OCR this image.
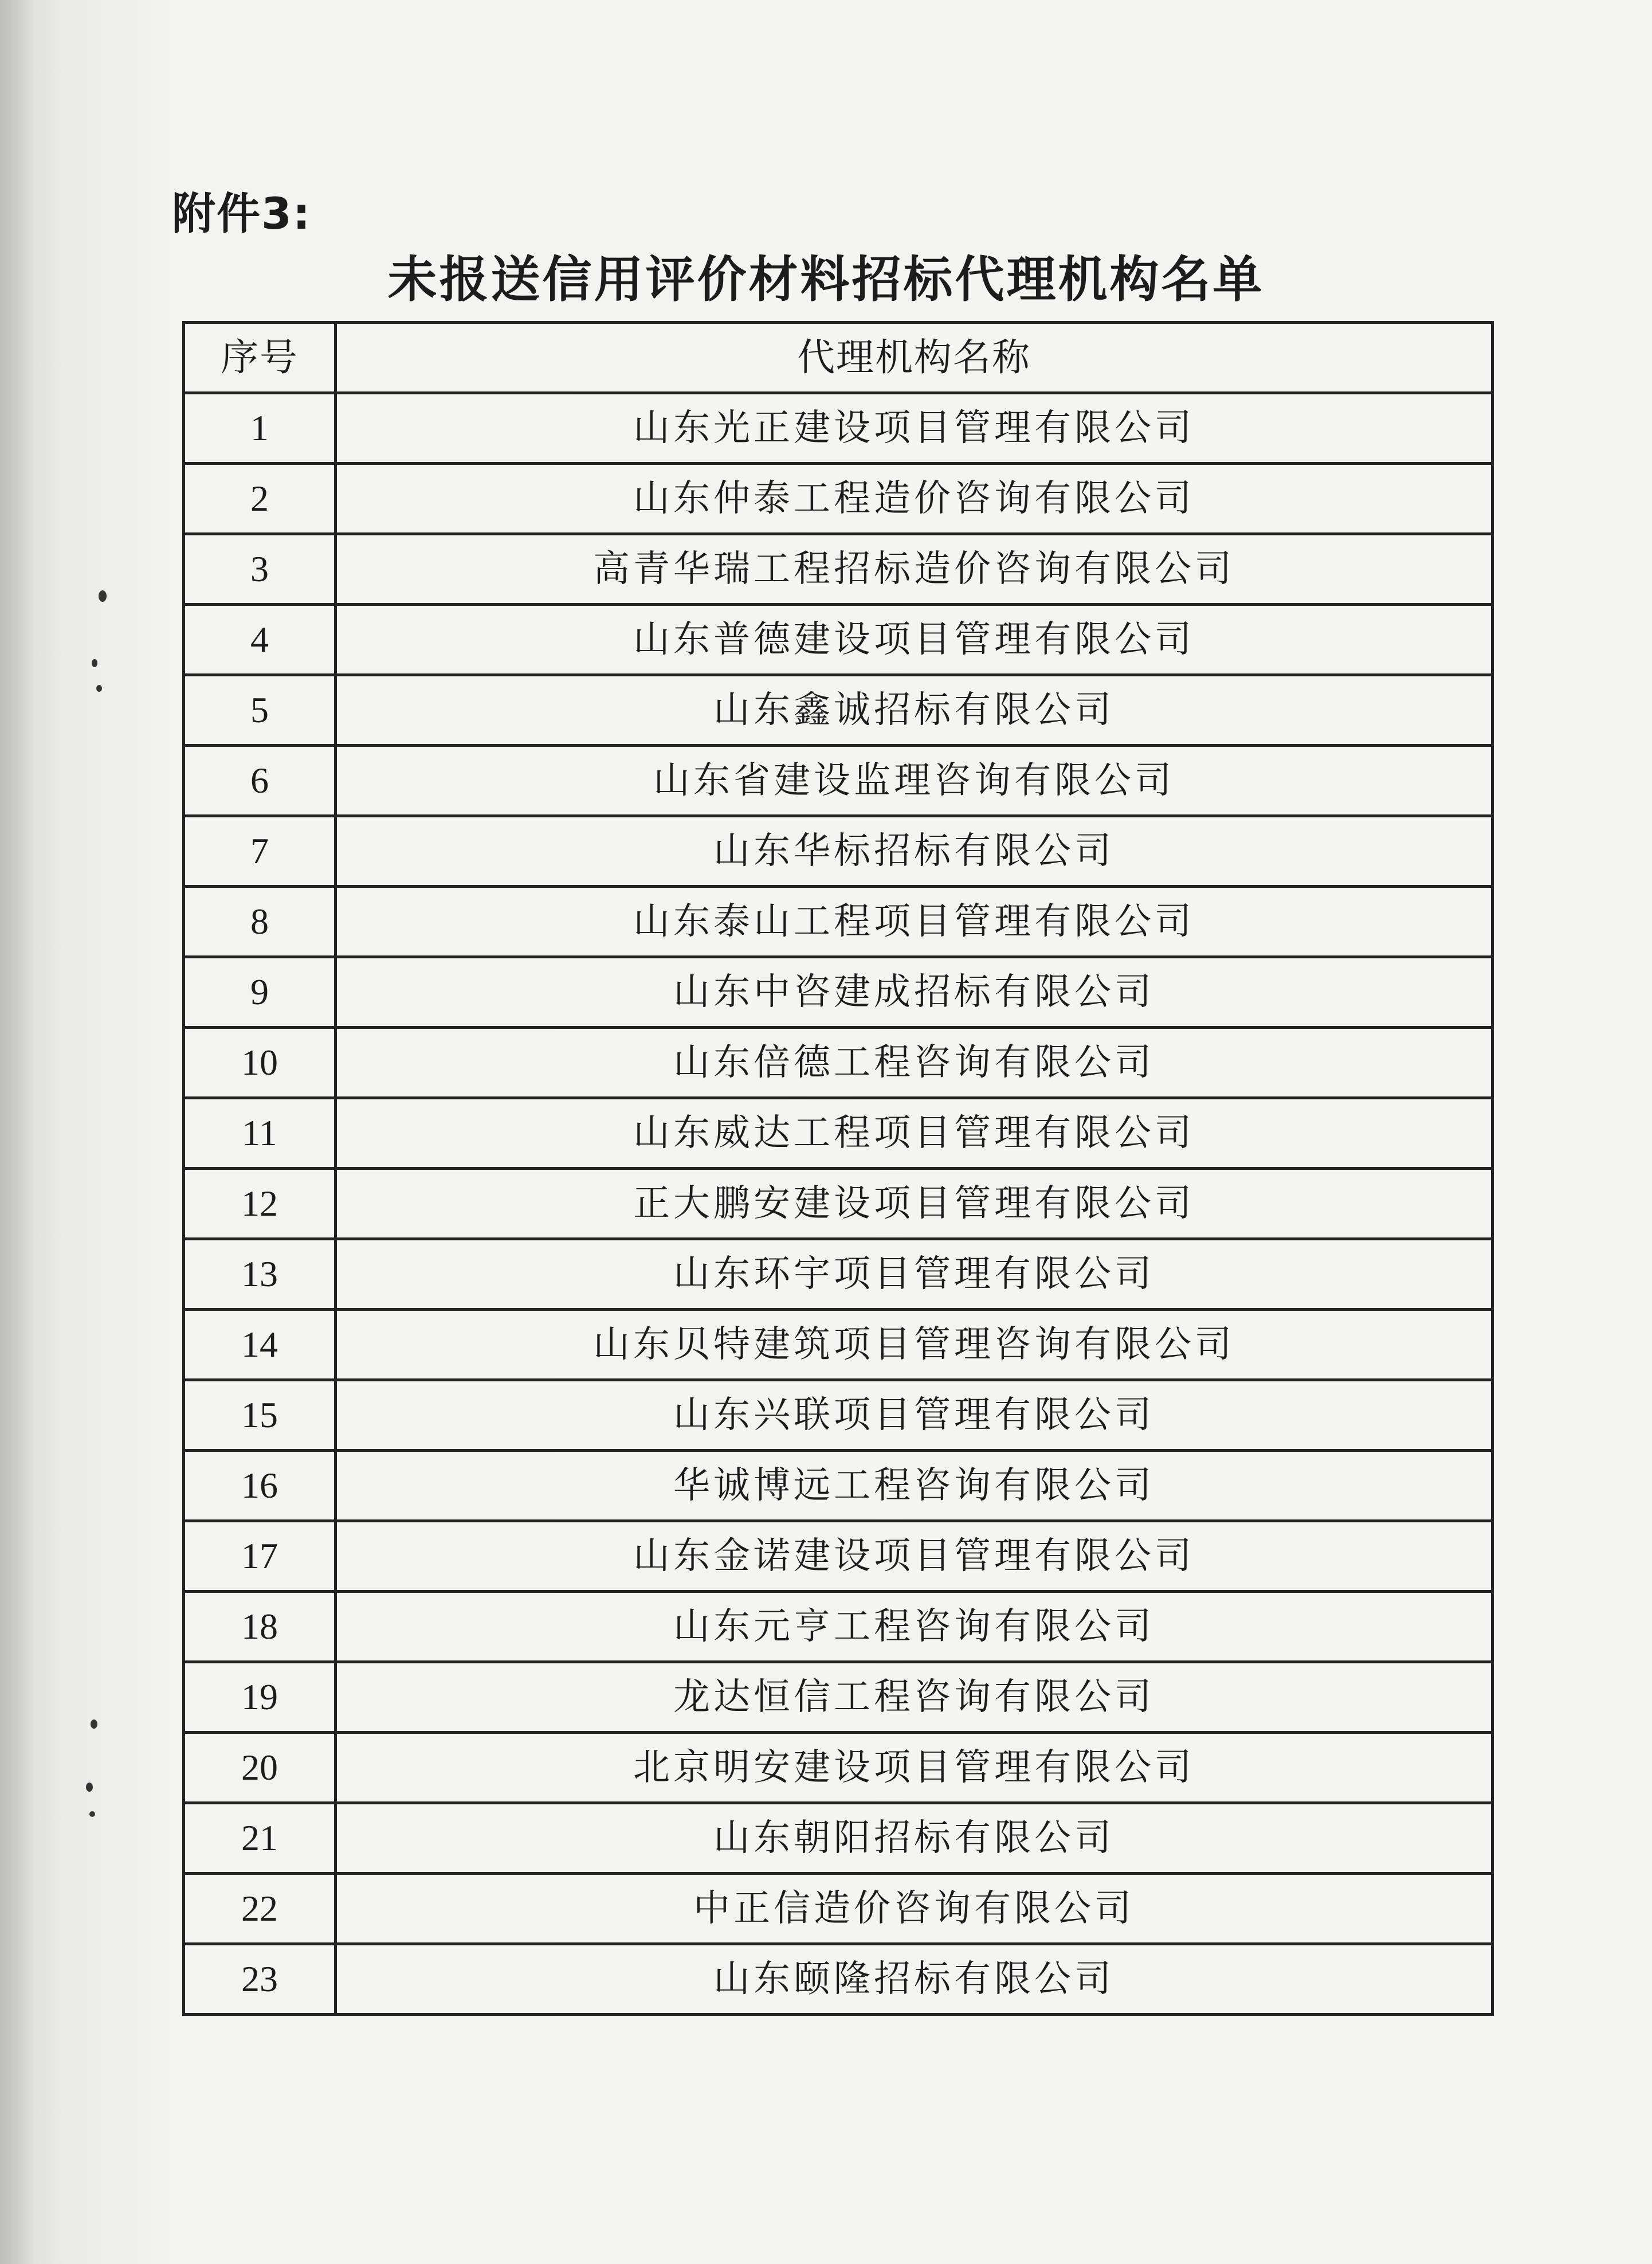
附件3:
未报送信用评价材料招标代理机构名单
序号	代理机构名称
1	山东光正建设项目管理有限公司
2	山东仲泰工程造价咨询有限公司
3	高青华瑞工程招标造价咨询有限公司
4	山东普德建设项目管理有限公司
5	山东鑫诚招标有限公司
6	山东省建设监理咨询有限公司
7	山东华标招标有限公司
8	山东泰山工程项目管理有限公司
9	山东中咨建成招标有限公司
10	山东倍德工程咨询有限公司
11	山东威达工程项目管理有限公司
12	正大鹏安建设项目管理有限公司
13	山东环宇项目管理有限公司
14	山东贝特建筑项目管理咨询有限公司
15	山东兴联项目管理有限公司
16	华诚博远工程咨询有限公司
17	山东金诺建设项目管理有限公司
18	山东元亨工程咨询有限公司
19	龙达恒信工程咨询有限公司
20	北京明安建设项目管理有限公司
21	山东朝阳招标有限公司
22	中正信造价咨询有限公司
23	山东颐隆招标有限公司
